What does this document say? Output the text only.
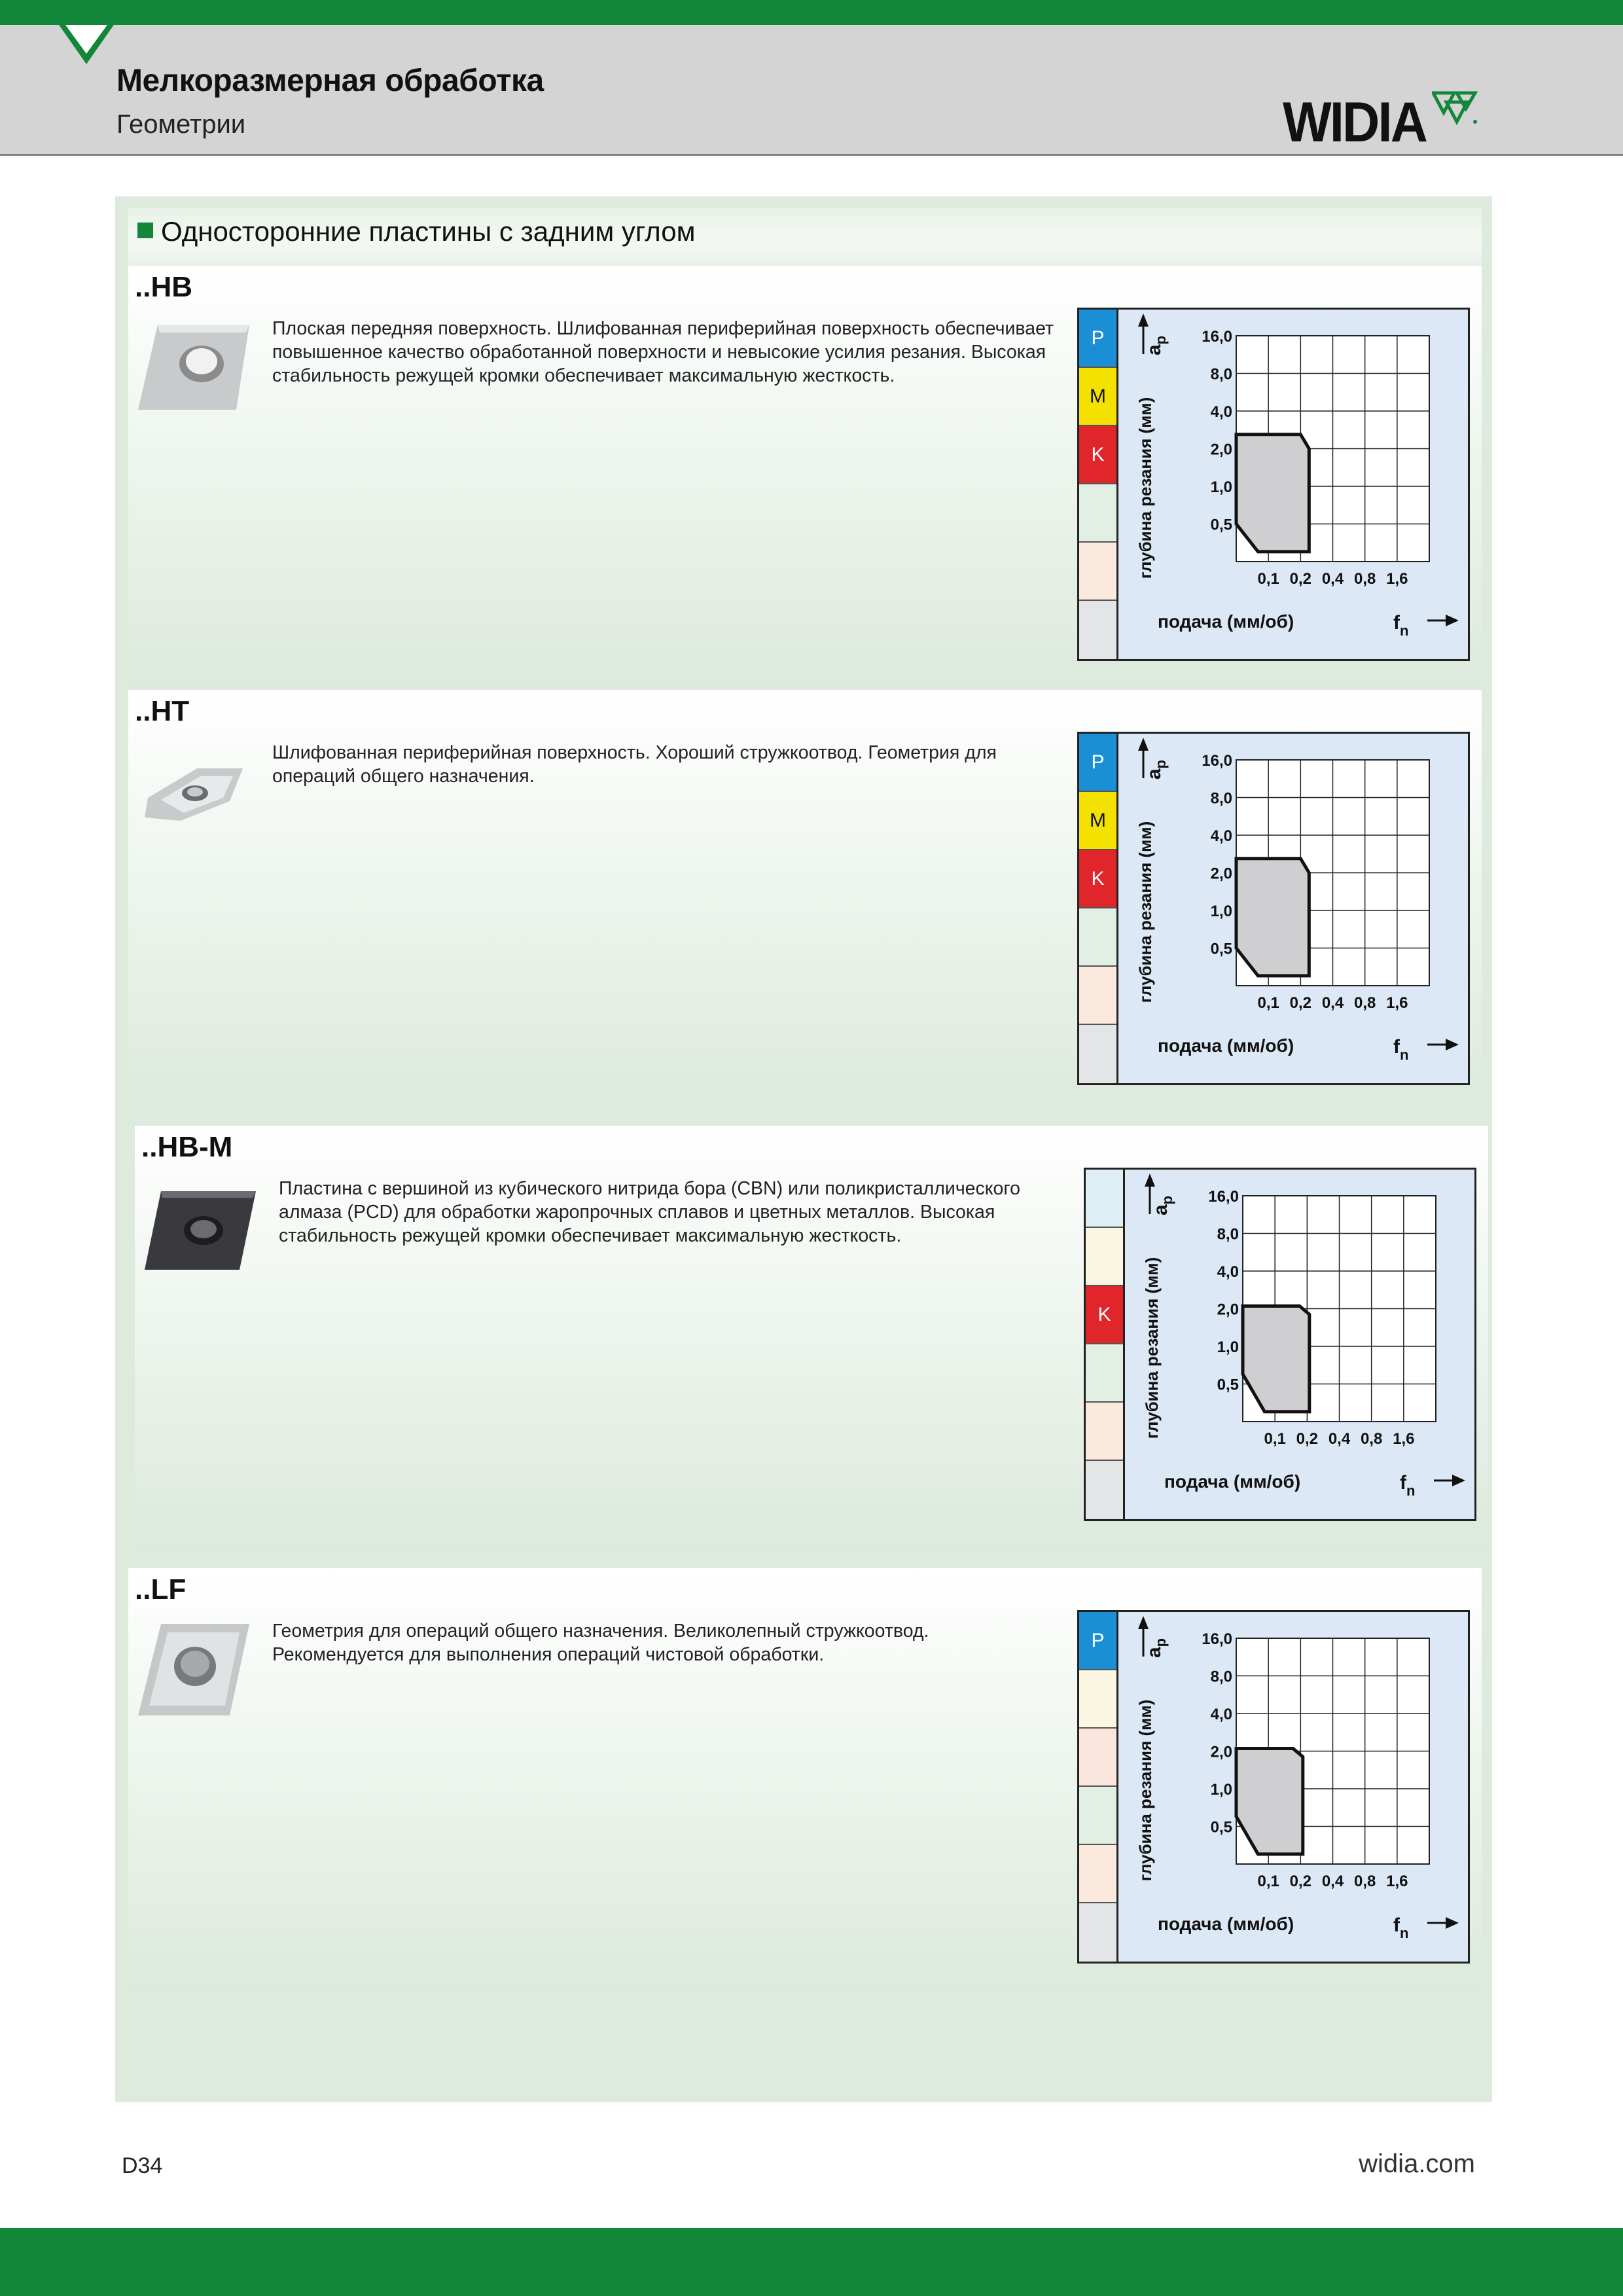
Мелкоразмерная обработка
Геометрии	WIDIA
Односторонние пластины с задним углом
..HB
Плоская передняя поверхность. Шлифованная периферийная поверхность обеспечивает повышенное качество обработанной поверхности и невысокие усилия резания. Высокая стабильность режущей кромки обеспечивает максимальную жесткость.
P
M
K
16,0
8,0
4,0
2,0
1,0
0,5
0,1 0,2 0,4 0,8 1,6
глубина резания (мм)
$a_p$
подача (мм/об)	$f_n$
..HT
Шлифованная периферийная поверхность. Хороший стружкоотвод. Геометрия для операций общего назначения.
P
M
K
16,0
8,0
4,0
2,0
1,0
0,5
0,1 0,2 0,4 0,8 1,6
глубина резания (мм)
$a_p$
подача (мм/об)	$f_n$
..HB-M
Пластина с вершиной из кубического нитрида бора (CBN) или поликристаллического алмаза (PCD) для обработки жаропрочных сплавов и цветных металлов. Высокая стабильность режущей кромки обеспечивает максимальную жесткость.
K
16,0
8,0
4,0
2,0
1,0
0,5
0,1 0,2 0,4 0,8 1,6
глубина резания (мм)
$a_p$
подача (мм/об)	$f_n$
..LF
Геометрия для операций общего назначения. Великолепный стружкоотвод. Рекомендуется для выполнения операций чистовой обработки.
P	16,0
8,0
4,0
2,0
1,0
0,5
0,1 0,2 0,4 0,8 1,6
глубина резания (мм)
$a_p$
подача (мм/об)	$f_n$
D34	widia.com
